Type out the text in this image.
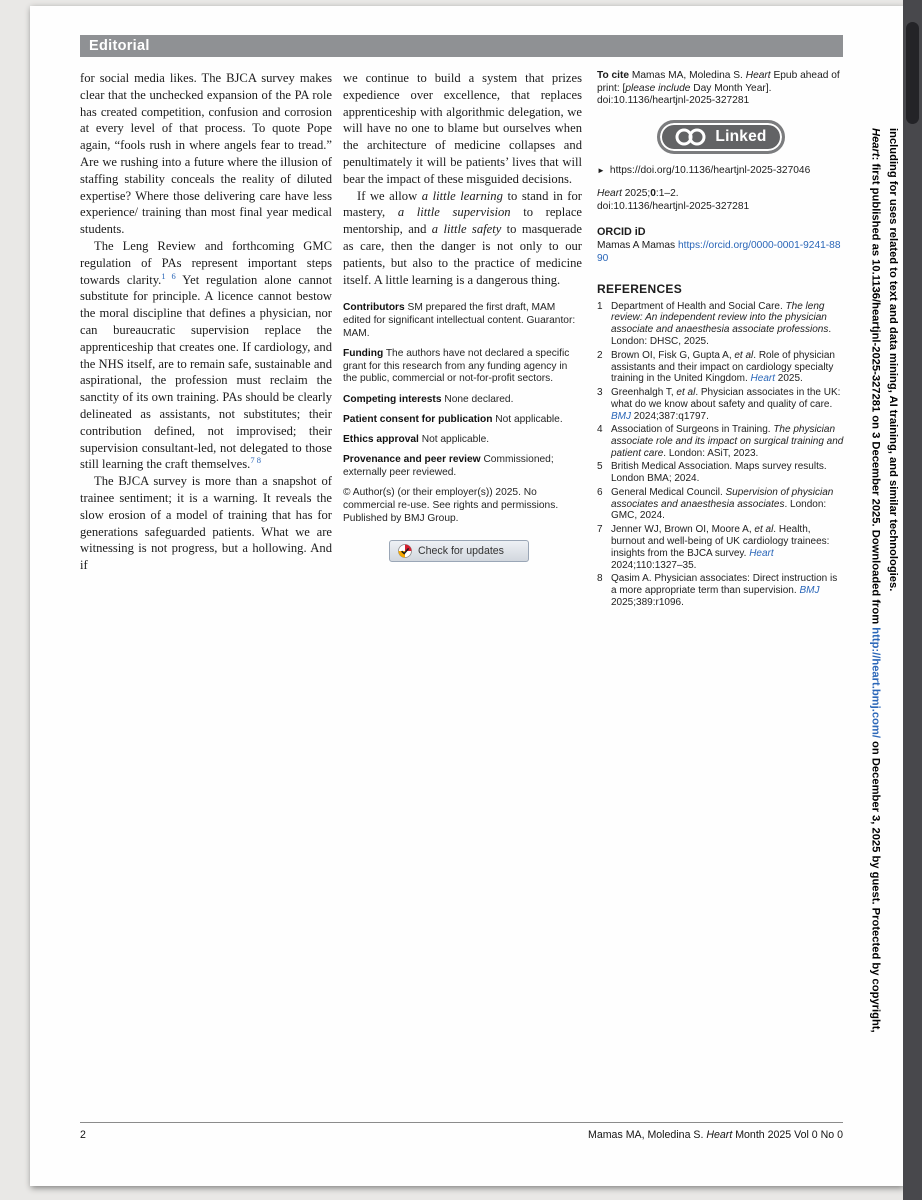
Editorial

for social media likes. The BJCA survey makes clear that the unchecked expansion of the PA role has created competition, confusion and corrosion at every level of that process. To quote Pope again, “fools rush in where angels fear to tread.” Are we rushing into a future where the illusion of staffing stability conceals the reality of diluted expertise? Where those delivering care have less experience/ training than most final year medical students.

The Leng Review and forthcoming GMC regulation of PAs represent important steps towards clarity.$^{1 6}$ Yet regulation alone cannot substitute for principle. A licence cannot bestow the moral discipline that defines a physician, nor can bureaucratic supervision replace the apprenticeship that creates one. If cardiology, and the NHS itself, are to remain safe, sustainable and aspirational, the profession must reclaim the sanctity of its own training. PAs should be clearly delineated as assistants, not substitutes; their contribution defined, not improvised; their supervision consultant-led, not delegated to those still learning the craft themselves.$^{7 8}$

The BJCA survey is more than a snapshot of trainee sentiment; it is a warning. It reveals the slow erosion of a model of training that has for generations safeguarded patients. What we are witnessing is not progress, but a hollowing. And if

we continue to build a system that prizes expedience over excellence, that replaces apprenticeship with algorithmic delegation, we will have no one to blame but ourselves when the architecture of medicine collapses and penultimately it will be patients’ lives that will bear the impact of these misguided decisions.

If we allow a little learning to stand in for mastery, a little supervision to replace mentorship, and a little safety to masquerade as care, then the danger is not only to our patients, but also to the practice of medicine itself. A little learning is a dangerous thing.

Contributors SM prepared the first draft, MAM edited for significant intellectual content. Guarantor: MAM.

Funding The authors have not declared a specific grant for this research from any funding agency in the public, commercial or not-for-profit sectors.

Competing interests None declared.

Patient consent for publication Not applicable.

Ethics approval Not applicable.

Provenance and peer review Commissioned; externally peer reviewed.

© Author(s) (or their employer(s)) 2025. No commercial re-use. See rights and permissions. Published by BMJ Group.

Check for updates

To cite Mamas MA, Moledina S. Heart Epub ahead of print: [please include Day Month Year]. doi:10.1136/heartjnl-2025-327281

Linked

► https://doi.org/10.1136/heartjnl-2025-327046

Heart 2025;0:1–2.

doi:10.1136/heartjnl-2025-327281

ORCID iD

Mamas A Mamas https://orcid.org/0000-0001-9241-8890

REFERENCES
1 Department of Health and Social Care. The leng review: An independent review into the physician associate and anaesthesia associate professions. London: DHSC, 2025.
2 Brown OI, Fisk G, Gupta A, et al. Role of physician assistants and their impact on cardiology specialty training in the United Kingdom. Heart 2025.
3 Greenhalgh T, et al. Physician associates in the UK: what do we know about safety and quality of care. BMJ 2024;387:q1797.
4 Association of Surgeons in Training. The physician associate role and its impact on surgical training and patient care. London: ASiT, 2023.
5 British Medical Association. Maps survey results. London BMA; 2024.
6 General Medical Council. Supervision of physician associates and anaesthesia associates. London: GMC, 2024.
7 Jenner WJ, Brown OI, Moore A, et al. Health, burnout and well-being of UK cardiology trainees: insights from the BJCA survey. Heart 2024;110:1327–35.
8 Qasim A. Physician associates: Direct instruction is a more appropriate term than supervision. BMJ 2025;389:r1096.
Heart: first published as 10.1136/heartjnl-2025-327281 on 3 December 2025. Downloaded from http://heart.bmj.com/ on December 3, 2025 by guest. Protected by copyright, including for uses related to text and data mining, AI training, and similar technologies.
2	Mamas MA, Moledina S. Heart Month 2025 Vol 0 No 0
